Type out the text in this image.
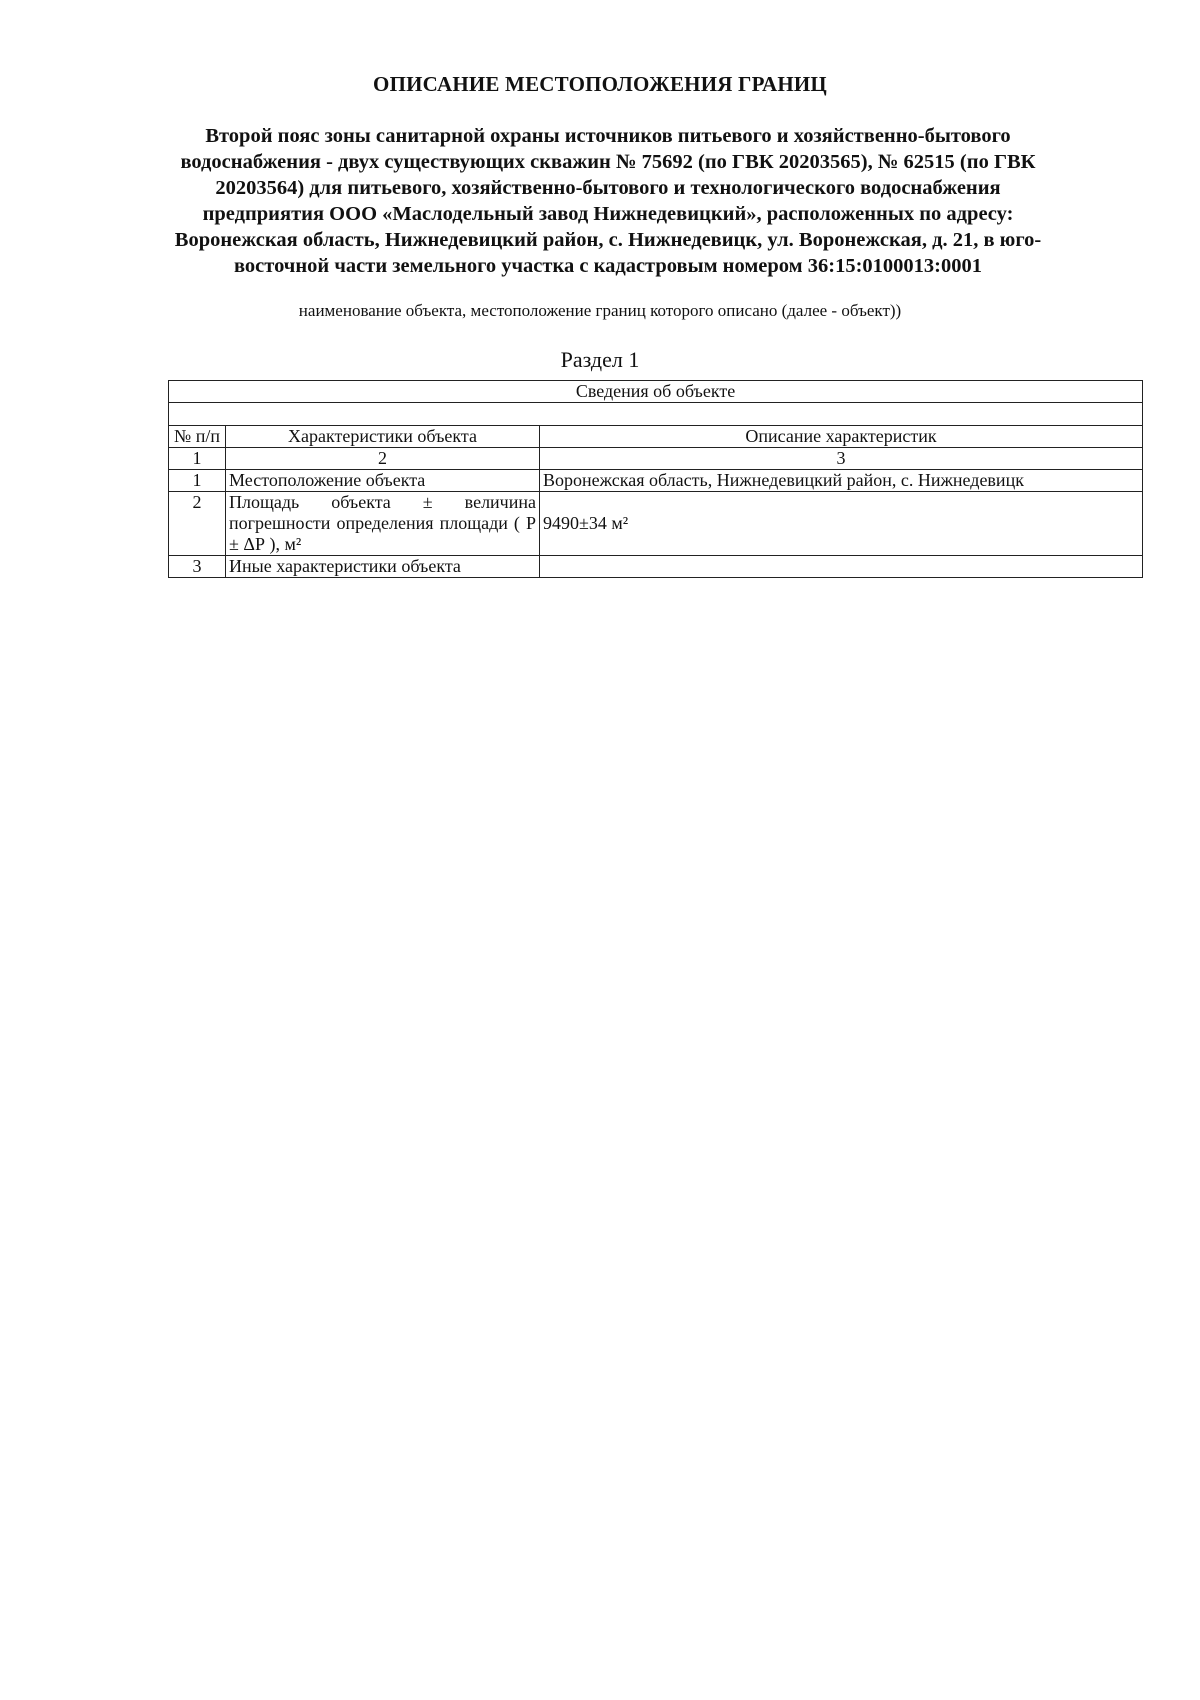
ОПИСАНИЕ МЕСТОПОЛОЖЕНИЯ ГРАНИЦ
Второй пояс зоны санитарной охраны источников питьевого и хозяйственно-бытового
водоснабжения - двух существующих скважин № 75692 (по ГВК 20203565), № 62515 (по ГВК
20203564) для питьевого, хозяйственно-бытового и технологического водоснабжения
предприятия ООО «Маслодельный завод Нижнедевицкий», расположенных по адресу:
Воронежская область, Нижнедевицкий район, с. Нижнедевицк, ул. Воронежская, д. 21, в юго-
восточной части земельного участка с кадастровым номером 36:15:0100013:0001
наименование объекта, местоположение границ которого описано (далее - объект))
Раздел 1
Сведения об объекте		

№ п/п	Характеристики объекта	Описание характеристик
1	2	3
1	Местоположение объекта	Воронежская область, Нижнедевицкий район, с. Нижнедевицк
2	Площадь объекта ± величина погрешности определения площади ( Р ± ΔР ), м²	9490±34 м²
3	Иные характеристики объекта	
